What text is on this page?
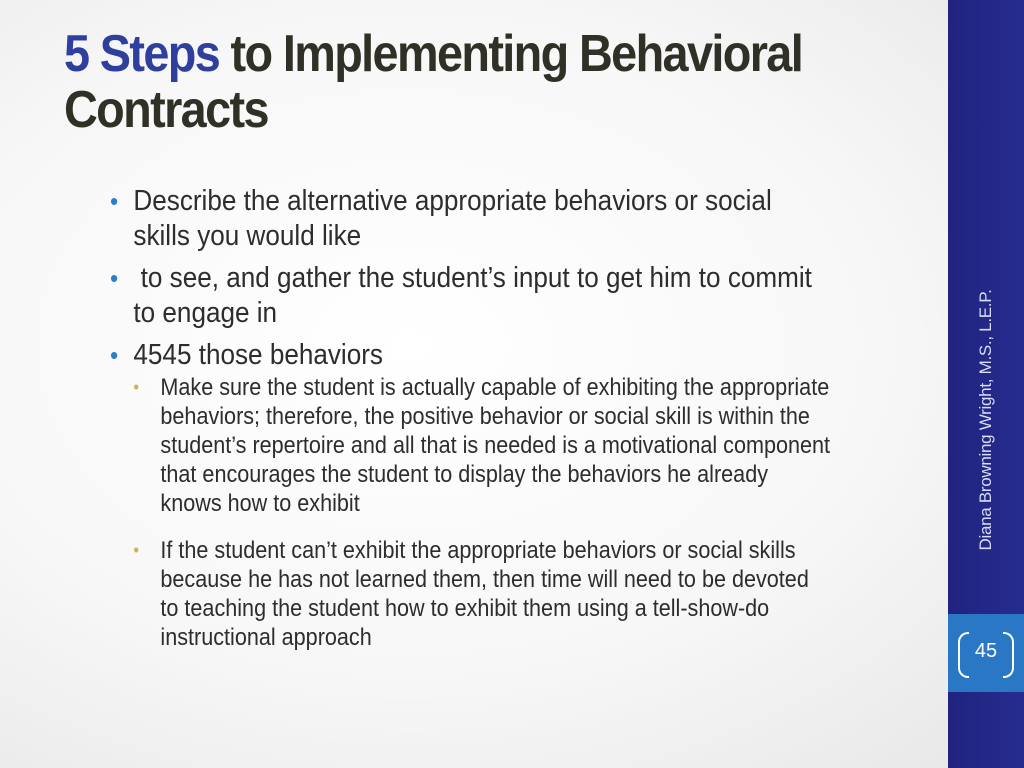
5 Steps to Implementing Behavioral Contracts
• Describe the alternative appropriate behaviors or social skills you would like
• to see, and gather the student’s input to get him to commit to engage in
• 4545 those behaviors
• Make sure the student is actually capable of exhibiting the appropriate behaviors; therefore, the positive behavior or social skill is within the student’s repertoire and all that is needed is a motivational component that encourages the student to display the behaviors he already knows how to exhibit
• If the student can’t exhibit the appropriate behaviors or social skills because he has not learned them, then time will need to be devoted to teaching the student how to exhibit them using a tell-show-do instructional approach
Diana Browning Wright, M.S., L.E.P.
45
